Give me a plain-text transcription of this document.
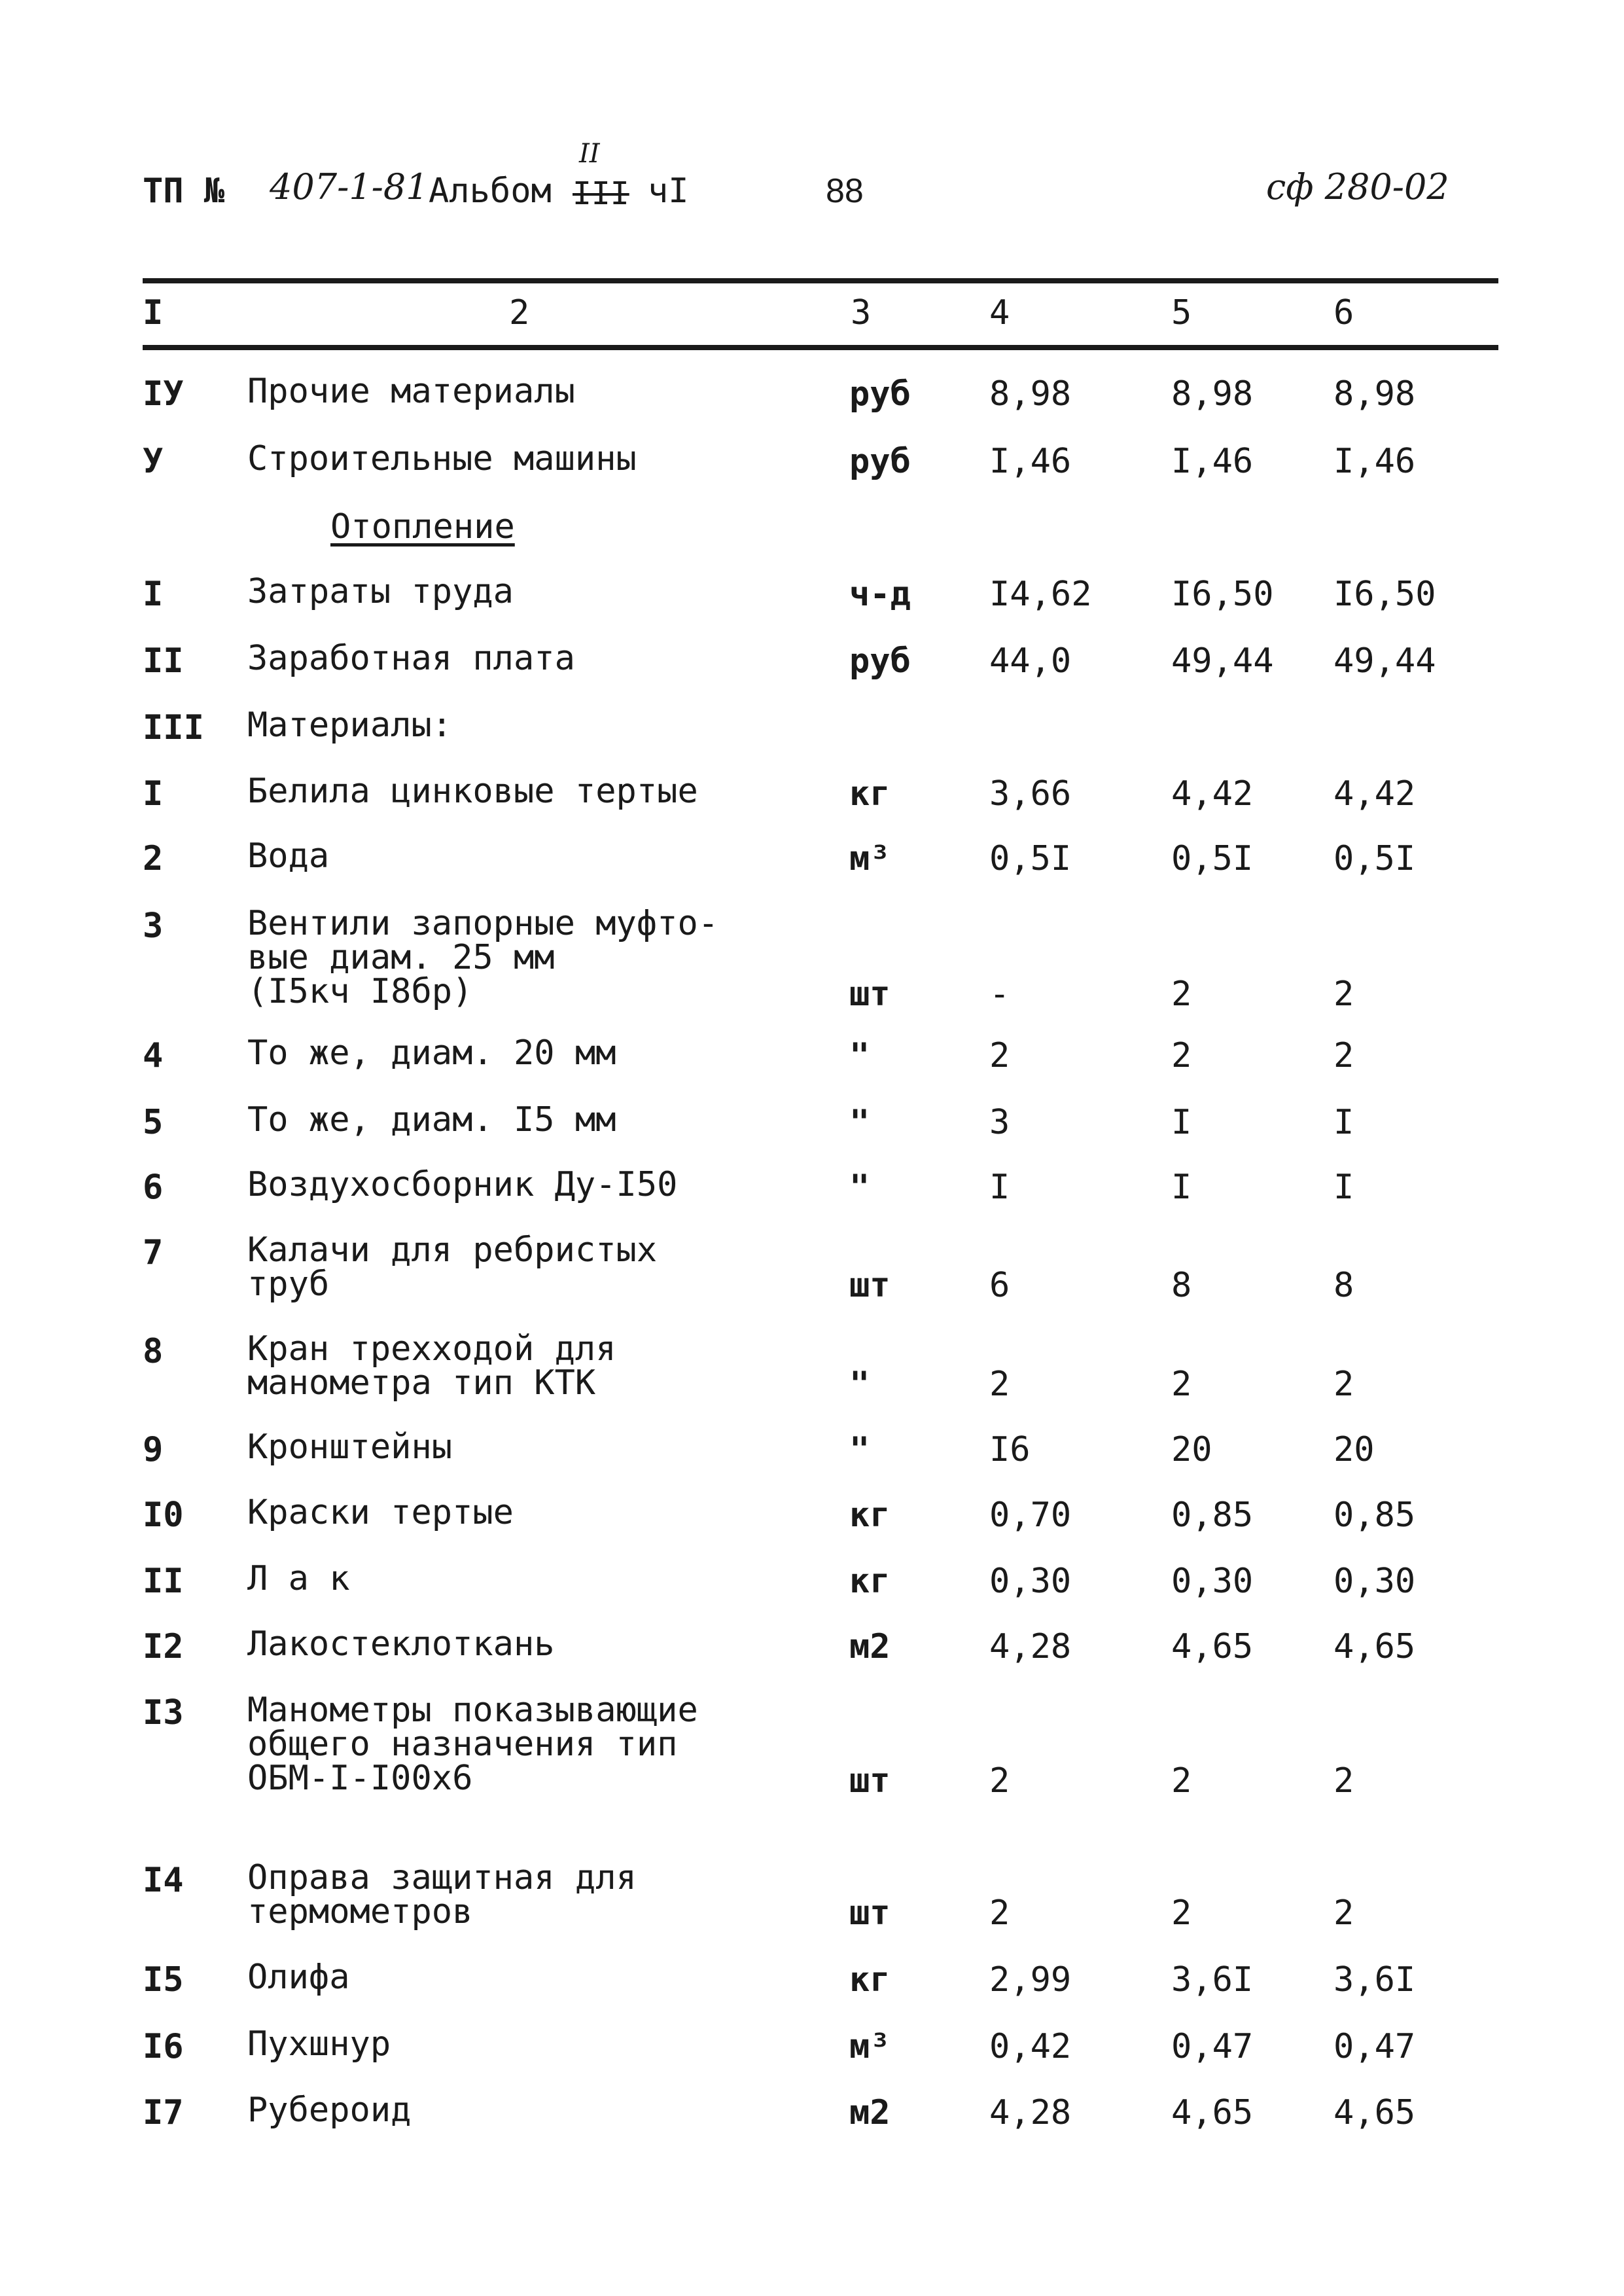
ТП № 407-1-81 Альбом
II
III чI	88	сф 280-02
I	2	3	4	5	6
Отопление
IУ	Прочие материалы	руб	8,98	8,98 8,98
У	Строительные машины	руб	I,46	I,46 I,46
I	Затраты труда	ч-д	I4,62 I6,50 I6,50
II	Заработная плата	руб	44,0	49,44 49,44
III Материалы:
I	Белила цинковые тертые	кг	3,66	4,42 4,42
2	Вода	м³	0,5I	0,5I 0,5I
3	Вентили запорные муфто-
вые диам. 25 мм
(I5кч I8бр)	шт	-	2	2
4	То же, диам. 20 мм	"	2	2	2
5	То же, диам. I5 мм	"	3	I	I
6	Воздухосборник Ду-I50	"	I	I	I
7	Калачи для ребристых
труб	шт	6	8	8
8	Кран трехходой для
манометра тип КТК	"	2	2	2
9	Кронштейны	"	I6	20	20
I0	Краски тертые	кг	0,70	0,85 0,85
II	Л а к	кг	0,30	0,30 0,30
I2	Лакостеклоткань	м2	4,28	4,65 4,65
I3	Манометры показывающие
общего назначения тип
ОБМ-I-I00х6	шт	2	2	2
I4	Оправа защитная для
термометров	шт	2	2	2
I5	Олифа	кг	2,99	3,6I 3,6I
I6	Пухшнур	м³	0,42	0,47 0,47
I7	Рубероид	м2	4,28	4,65 4,65
